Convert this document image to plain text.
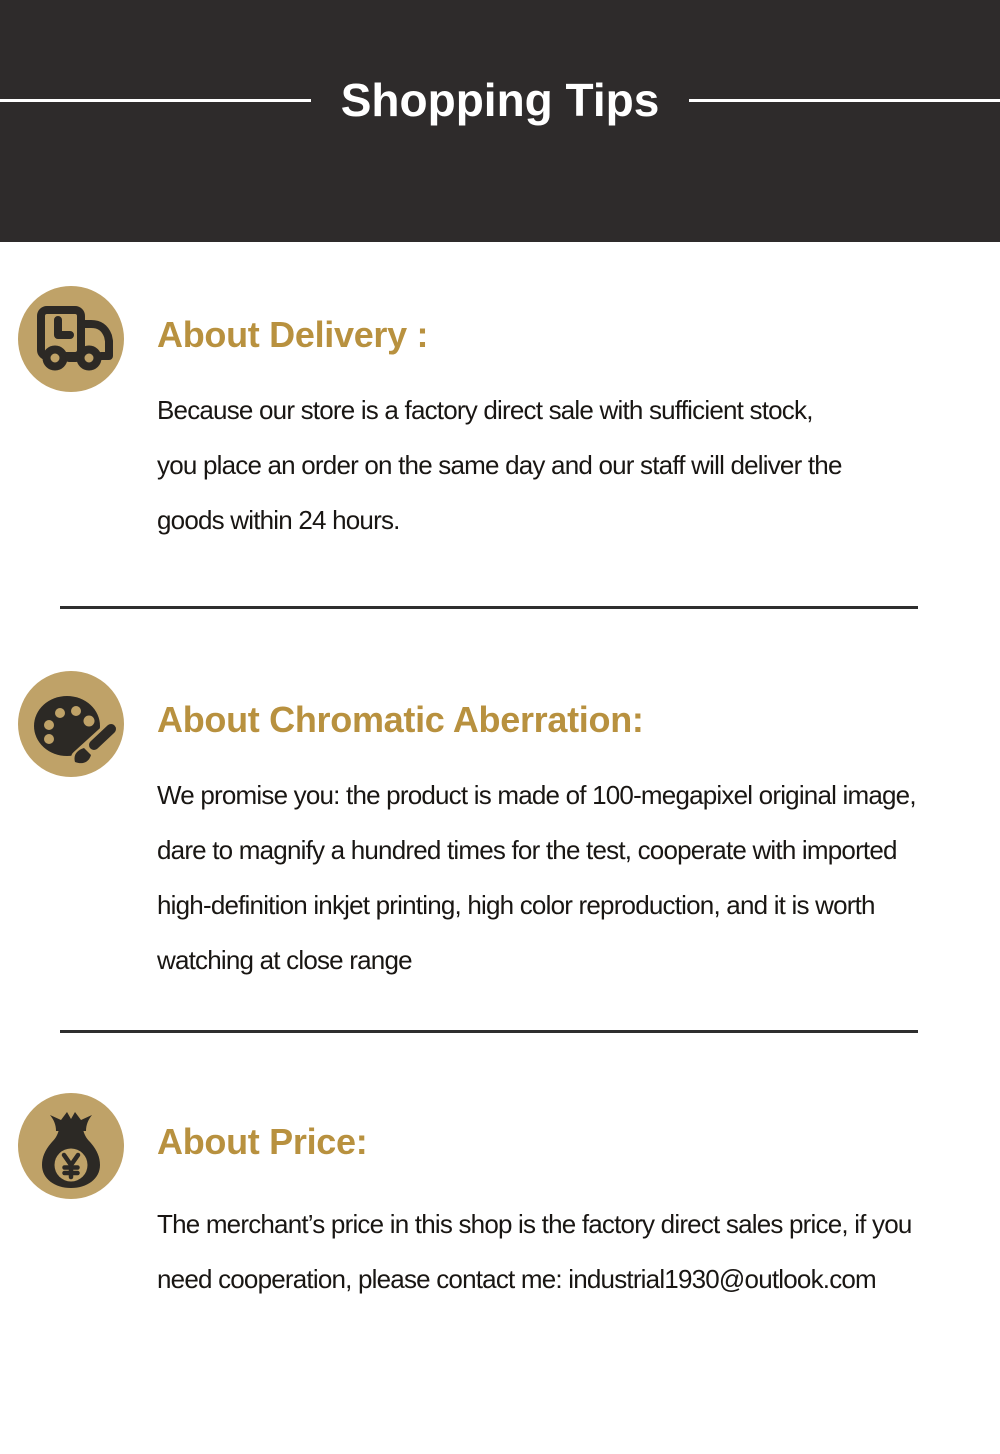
Shopping Tips
About Delivery :
Because our store is a factory direct sale with sufficient stock,
you place an order on the same day and our staff will deliver the
goods within 24 hours.
About Chromatic Aberration:
We promise you: the product is made of 100-megapixel original image,
dare to magnify a hundred times for the test, cooperate with imported
high-definition inkjet printing, high color reproduction, and it is worth
watching at close range
About Price:
The merchant’s price in this shop is the factory direct sales price, if you
need cooperation, please contact me: industrial1930@outlook.com
